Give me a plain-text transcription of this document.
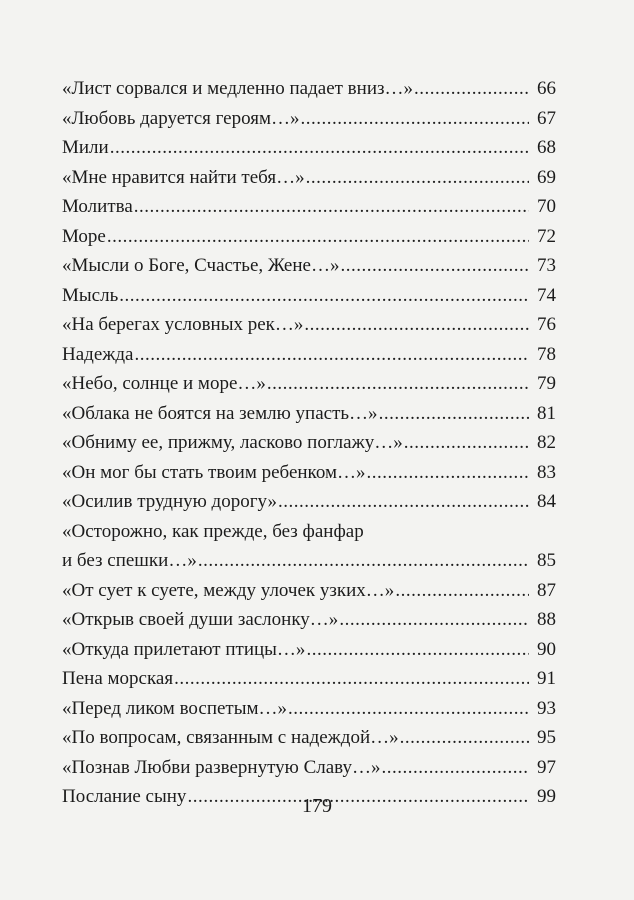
«Лист сорвался и медленно падает вниз…» .....	66
«Любовь даруется героям…» .....	67
Мили .....	68
«Мне нравится найти тебя…» .....	69
Молитва .....	70
Море .....	72
«Мысли о Боге, Счастье, Жене…» .....	73
Мысль .....	74
«На берегах условных рек…» .....	76
Надежда .....	78
«Небо, солнце и море…» .....	79
«Облака не боятся на землю упасть…» .....	81
«Обниму ее, прижму, ласково поглажу…» .....	82
«Он мог бы стать твоим ребенком…» .....	83
«Осилив трудную дорогу» .....	84
«Осторожно, как прежде, без фанфар
и без спешки…» .....	85
«От сует к суете, между улочек узких…» .....	87
«Открыв своей души заслонку…» .....	88
«Откуда прилетают птицы…» .....	90
Пена морская .....	91
«Перед ликом воспетым…» .....	93
«По вопросам, связанным с надеждой…» .....	95
«Познав Любви развернутую Славу…» .....	97
Послание сыну .....	99
179
